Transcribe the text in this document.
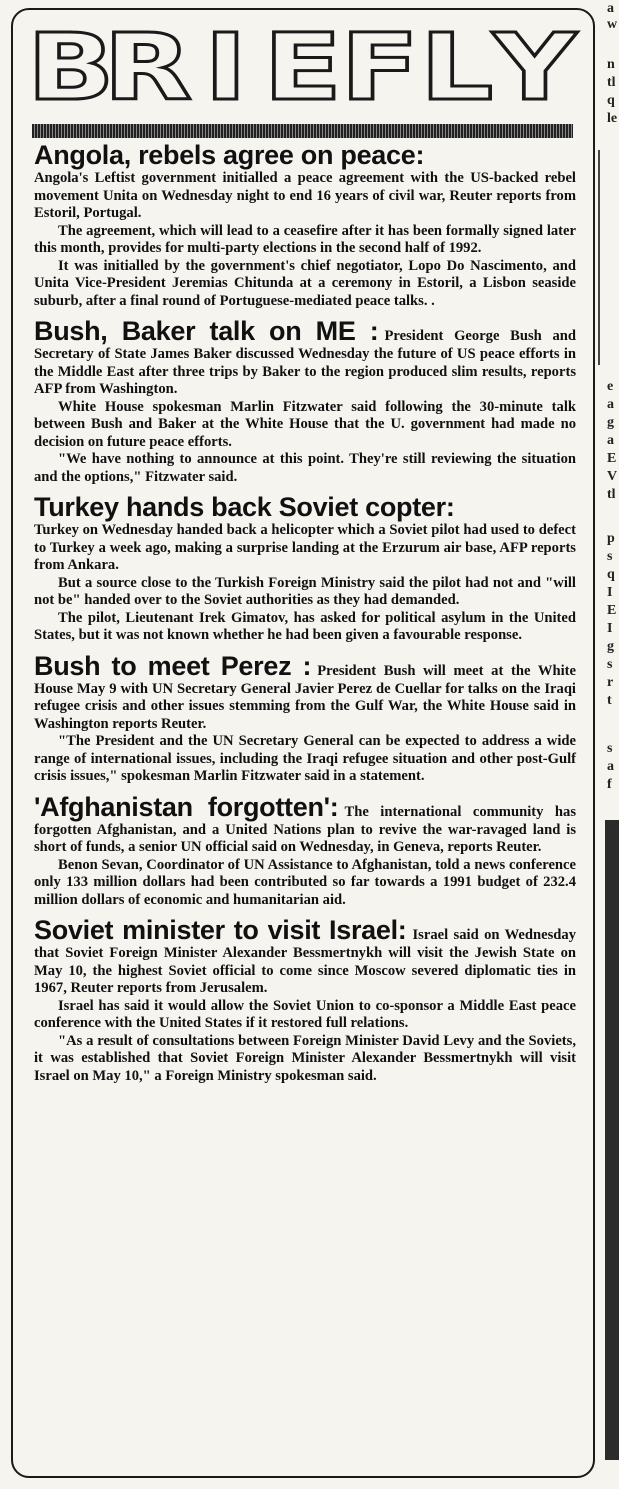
B
R I E
F L Y
Angola, rebels agree on peace:

Angola's Leftist government initialled a peace agreement with the US-backed rebel movement Unita on Wednesday night to end 16 years of civil war, Reuter reports from Estoril, Portugal.

The agreement, which will lead to a ceasefire after it has been formally signed later this month, provides for multi-party elections in the second half of 1992.

It was initialled by the government's chief negotiator, Lopo Do Nascimento, and Unita Vice-President Jeremias Chitunda at a ceremony in Estoril, a Lisbon seaside suburb, after a final round of Portuguese-mediated peace talks. .

Bush, Baker talk on ME : President George Bush and Secretary of State James Baker discussed Wednesday the future of US peace efforts in the Middle East after three trips by Baker to the region produced slim results, reports AFP from Washington.

White House spokesman Marlin Fitzwater said following the 30-minute talk between Bush and Baker at the White House that the U. government had made no decision on future peace efforts.

"We have nothing to announce at this point. They're still reviewing the situation and the options," Fitzwater said.

Turkey hands back Soviet copter:

Turkey on Wednesday handed back a helicopter which a Soviet pilot had used to defect to Turkey a week ago, making a surprise landing at the Erzurum air base, AFP reports from Ankara.

But a source close to the Turkish Foreign Ministry said the pilot had not and "will not be" handed over to the Soviet authorities as they had demanded.

The pilot, Lieutenant Irek Gimatov, has asked for political asylum in the United States, but it was not known whether he had been given a favourable response.

Bush to meet Perez : President Bush will meet at the White House May 9 with UN Secretary General Javier Perez de Cuellar for talks on the Iraqi refugee crisis and other issues stemming from the Gulf War, the White House said in Washington reports Reuter.

"The President and the UN Secretary General can be expected to address a wide range of international issues, including the Iraqi refugee situation and other post-Gulf crisis issues," spokesman Marlin Fitzwater said in a statement.

'Afghanistan forgotten': The international community has forgotten Afghanistan, and a United Nations plan to revive the war-ravaged land is short of funds, a senior UN official said on Wednesday, in Geneva, reports Reuter.

Benon Sevan, Coordinator of UN Assistance to Afghanistan, told a news conference only 133 million dollars had been contributed so far towards a 1991 budget of 232.4 million dollars of economic and humanitarian aid.

Soviet minister to visit Israel: Israel said on Wednesday that Soviet Foreign Minister Alexander Bessmertnykh will visit the Jewish State on May 10, the highest Soviet official to come since Moscow severed diplomatic ties in 1967, Reuter reports from Jerusalem.

Israel has said it would allow the Soviet Union to co-sponsor a Middle East peace conference with the United States if it restored full relations.

"As a result of consultations between Foreign Minister David Levy and the Soviets, it was established that Soviet Foreign Minister Alexander Bessmertnykh will visit Israel on May 10," a Foreign Ministry spokesman said.

a
w
n
tl
q
le
e
a
g
a
E
V
tl
p
s
q
I
E
I
g
s
r
t
s
a
f
